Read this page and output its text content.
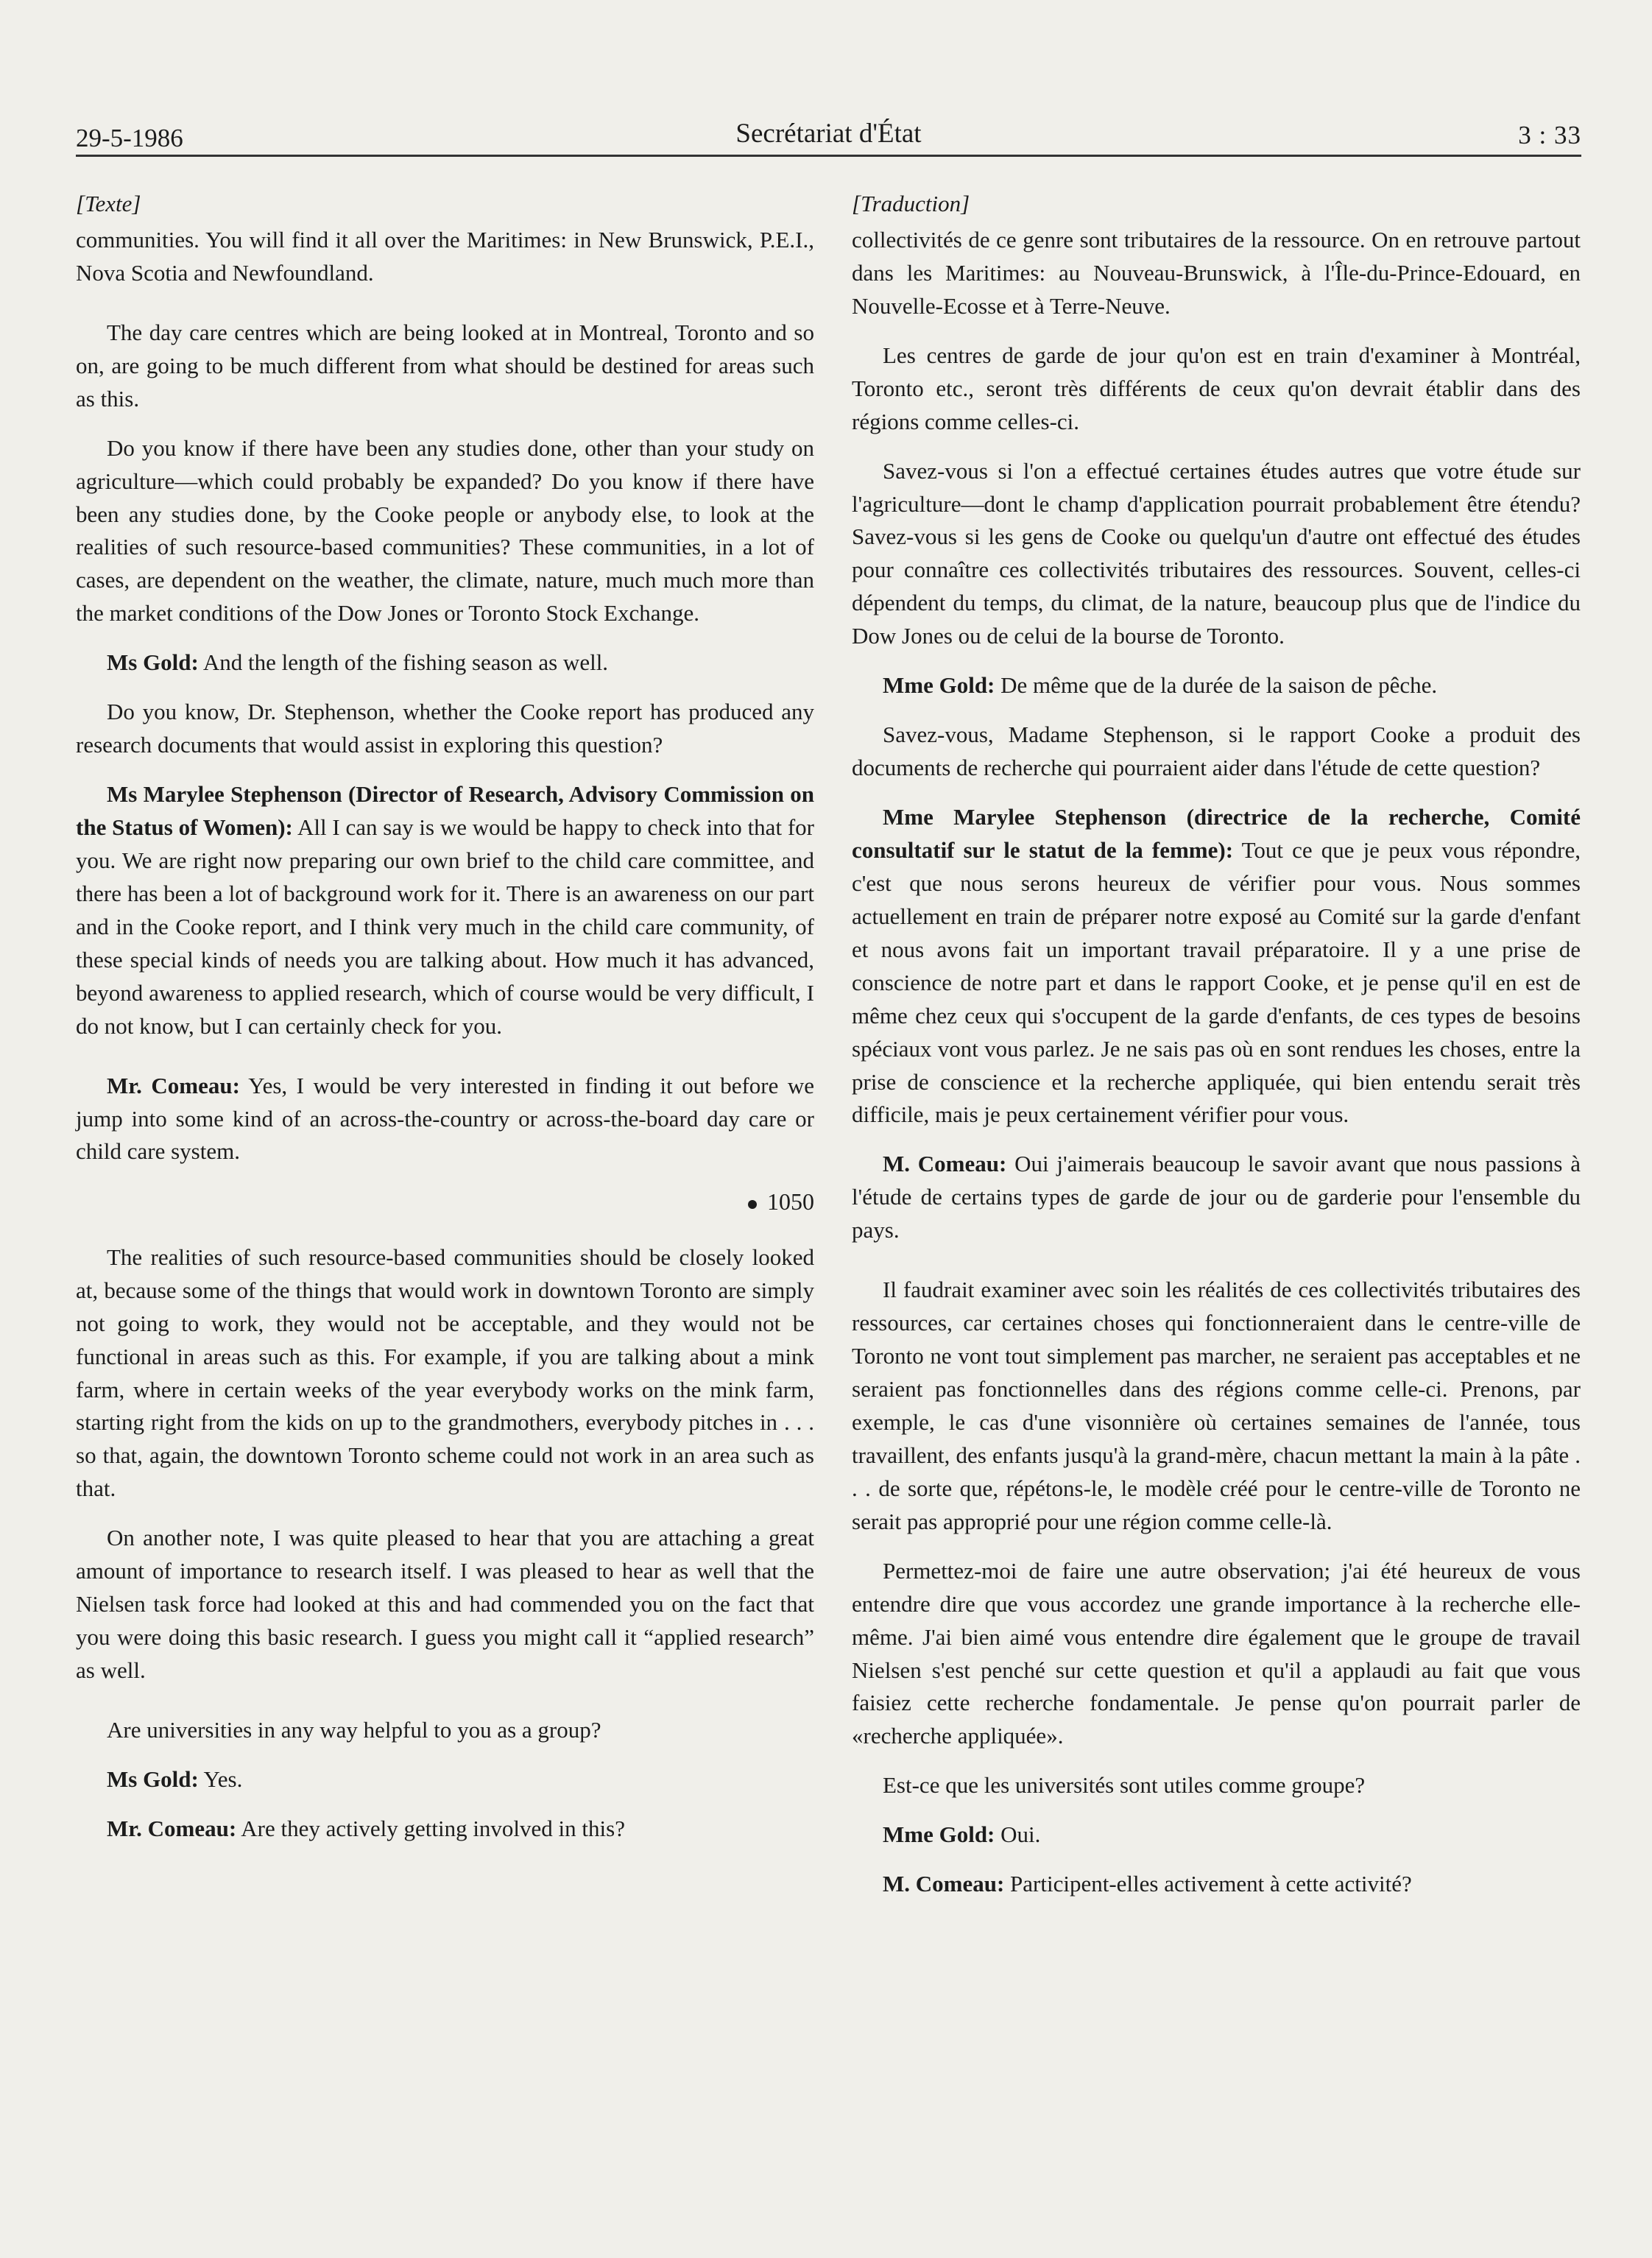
29-5-1986	Secrétariat d'État	3 : 33
[Texte]

communities. You will find it all over the Maritimes: in New Brunswick, P.E.I., Nova Scotia and Newfoundland.

The day care centres which are being looked at in Montreal, Toronto and so on, are going to be much different from what should be destined for areas such as this.

Do you know if there have been any studies done, other than your study on agriculture—which could probably be expanded? Do you know if there have been any studies done, by the Cooke people or anybody else, to look at the realities of such resource-based communities? These communities, in a lot of cases, are dependent on the weather, the climate, nature, much much more than the market conditions of the Dow Jones or Toronto Stock Exchange.

Ms Gold: And the length of the fishing season as well.

Do you know, Dr. Stephenson, whether the Cooke report has produced any research documents that would assist in exploring this question?

Ms Marylee Stephenson (Director of Research, Advisory Commission on the Status of Women): All I can say is we would be happy to check into that for you. We are right now preparing our own brief to the child care committee, and there has been a lot of background work for it. There is an awareness on our part and in the Cooke report, and I think very much in the child care community, of these special kinds of needs you are talking about. How much it has advanced, beyond awareness to applied research, which of course would be very difficult, I do not know, but I can certainly check for you.

Mr. Comeau: Yes, I would be very interested in finding it out before we jump into some kind of an across-the-country or across-the-board day care or child care system.

1050

The realities of such resource-based communities should be closely looked at, because some of the things that would work in downtown Toronto are simply not going to work, they would not be acceptable, and they would not be functional in areas such as this. For example, if you are talking about a mink farm, where in certain weeks of the year everybody works on the mink farm, starting right from the kids on up to the grandmothers, everybody pitches in . . . so that, again, the downtown Toronto scheme could not work in an area such as that.

On another note, I was quite pleased to hear that you are attaching a great amount of importance to research itself. I was pleased to hear as well that the Nielsen task force had looked at this and had commended you on the fact that you were doing this basic research. I guess you might call it “applied research” as well.

Are universities in any way helpful to you as a group?

Ms Gold: Yes.

Mr. Comeau: Are they actively getting involved in this?

[Traduction]

collectivités de ce genre sont tributaires de la ressource. On en retrouve partout dans les Maritimes: au Nouveau-Brunswick, à l'Île-du-Prince-Edouard, en Nouvelle-Ecosse et à Terre-Neuve.

Les centres de garde de jour qu'on est en train d'examiner à Montréal, Toronto etc., seront très différents de ceux qu'on devrait établir dans des régions comme celles-ci.

Savez-vous si l'on a effectué certaines études autres que votre étude sur l'agriculture—dont le champ d'application pourrait probablement être étendu? Savez-vous si les gens de Cooke ou quelqu'un d'autre ont effectué des études pour connaître ces collectivités tributaires des ressources. Souvent, celles-ci dépendent du temps, du climat, de la nature, beaucoup plus que de l'indice du Dow Jones ou de celui de la bourse de Toronto.

Mme Gold: De même que de la durée de la saison de pêche.

Savez-vous, Madame Stephenson, si le rapport Cooke a produit des documents de recherche qui pourraient aider dans l'étude de cette question?

Mme Marylee Stephenson (directrice de la recherche, Comité consultatif sur le statut de la femme): Tout ce que je peux vous répondre, c'est que nous serons heureux de vérifier pour vous. Nous sommes actuellement en train de préparer notre exposé au Comité sur la garde d'enfant et nous avons fait un important travail préparatoire. Il y a une prise de conscience de notre part et dans le rapport Cooke, et je pense qu'il en est de même chez ceux qui s'occupent de la garde d'enfants, de ces types de besoins spéciaux vont vous parlez. Je ne sais pas où en sont rendues les choses, entre la prise de conscience et la recherche appliquée, qui bien entendu serait très difficile, mais je peux certainement vérifier pour vous.

M. Comeau: Oui j'aimerais beaucoup le savoir avant que nous passions à l'étude de certains types de garde de jour ou de garderie pour l'ensemble du pays.

Il faudrait examiner avec soin les réalités de ces collectivités tributaires des ressources, car certaines choses qui fonctionneraient dans le centre-ville de Toronto ne vont tout simplement pas marcher, ne seraient pas acceptables et ne seraient pas fonctionnelles dans des régions comme celle-ci. Prenons, par exemple, le cas d'une visonnière où certaines semaines de l'année, tous travaillent, des enfants jusqu'à la grand-mère, chacun mettant la main à la pâte . . . de sorte que, répétons-le, le modèle créé pour le centre-ville de Toronto ne serait pas approprié pour une région comme celle-là.

Permettez-moi de faire une autre observation; j'ai été heureux de vous entendre dire que vous accordez une grande importance à la recherche elle-même. J'ai bien aimé vous entendre dire également que le groupe de travail Nielsen s'est penché sur cette question et qu'il a applaudi au fait que vous faisiez cette recherche fondamentale. Je pense qu'on pourrait parler de «recherche appliquée».

Est-ce que les universités sont utiles comme groupe?

Mme Gold: Oui.

M. Comeau: Participent-elles activement à cette activité?
